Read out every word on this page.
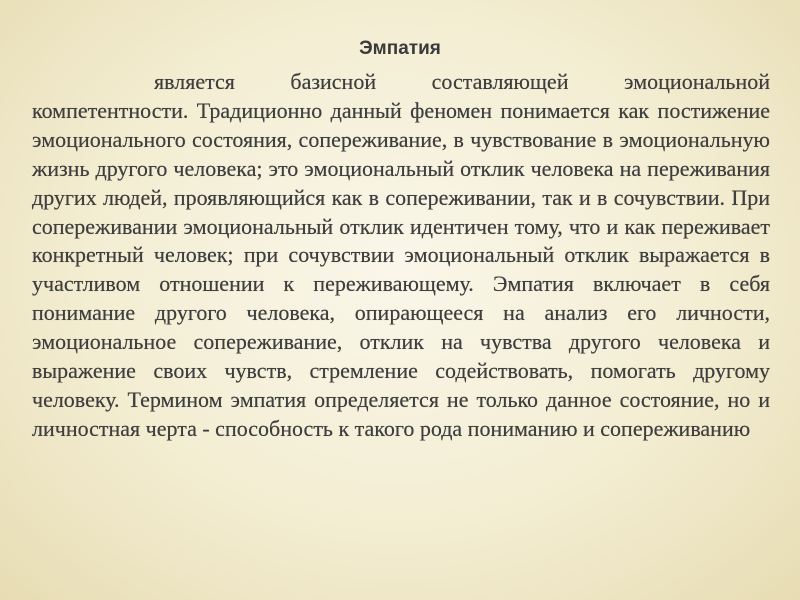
Эмпатия

является базисной составляющей эмоциональной компетентности. Традиционно данный феномен понимается как постижение эмоционального состояния, сопереживание, в чувствование в эмоциональную жизнь другого человека; это эмоциональный отклик человека на переживания других людей, проявляющийся как в сопереживании, так и в сочувствии. При сопереживании эмоциональный отклик идентичен тому, что и как переживает конкретный человек; при сочувствии эмоциональный отклик выражается в участливом отношении к переживающему. Эмпатия включает в себя понимание другого человека, опирающееся на анализ его личности, эмоциональное сопереживание, отклик на чувства другого человека и выражение своих чувств, стремление содействовать, помогать другому человеку. Термином эмпатия определяется не только данное состояние, но и личностная черта - способность к такого рода пониманию и сопереживанию
